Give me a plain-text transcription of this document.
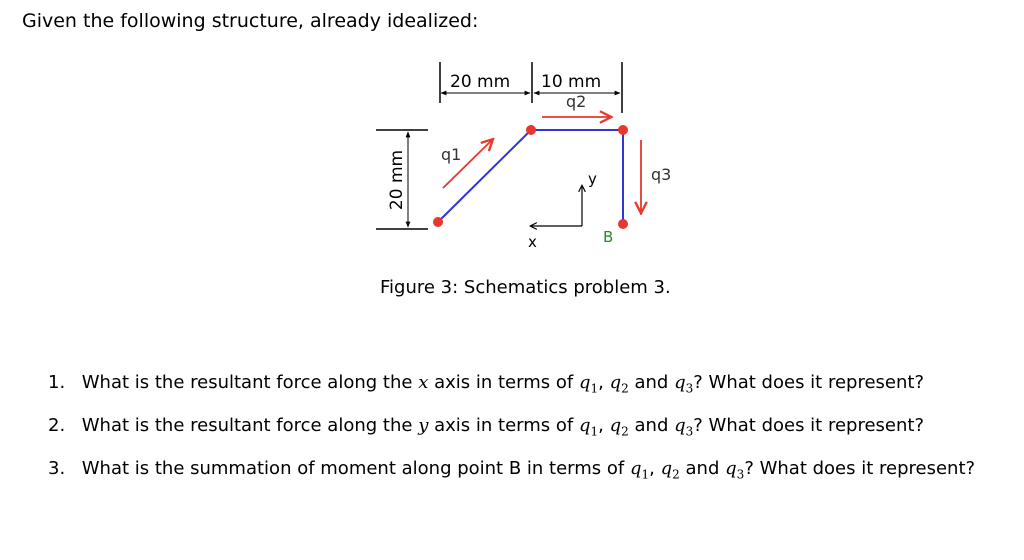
Given the following structure, already idealized:
20 mm 10 mm
20 mm
B
q1
q2
q3
y
x
Figure 3: Schematics problem 3.
1. What is the resultant force along the x axis in terms of $q_1$, $q_2$ and $q_3$? What does it represent?
2. What is the resultant force along the y axis in terms of $q_1$, $q_2$ and $q_3$? What does it represent?
3. What is the summation of moment along point B in terms of $q_1$, $q_2$ and $q_3$? What does it represent?
